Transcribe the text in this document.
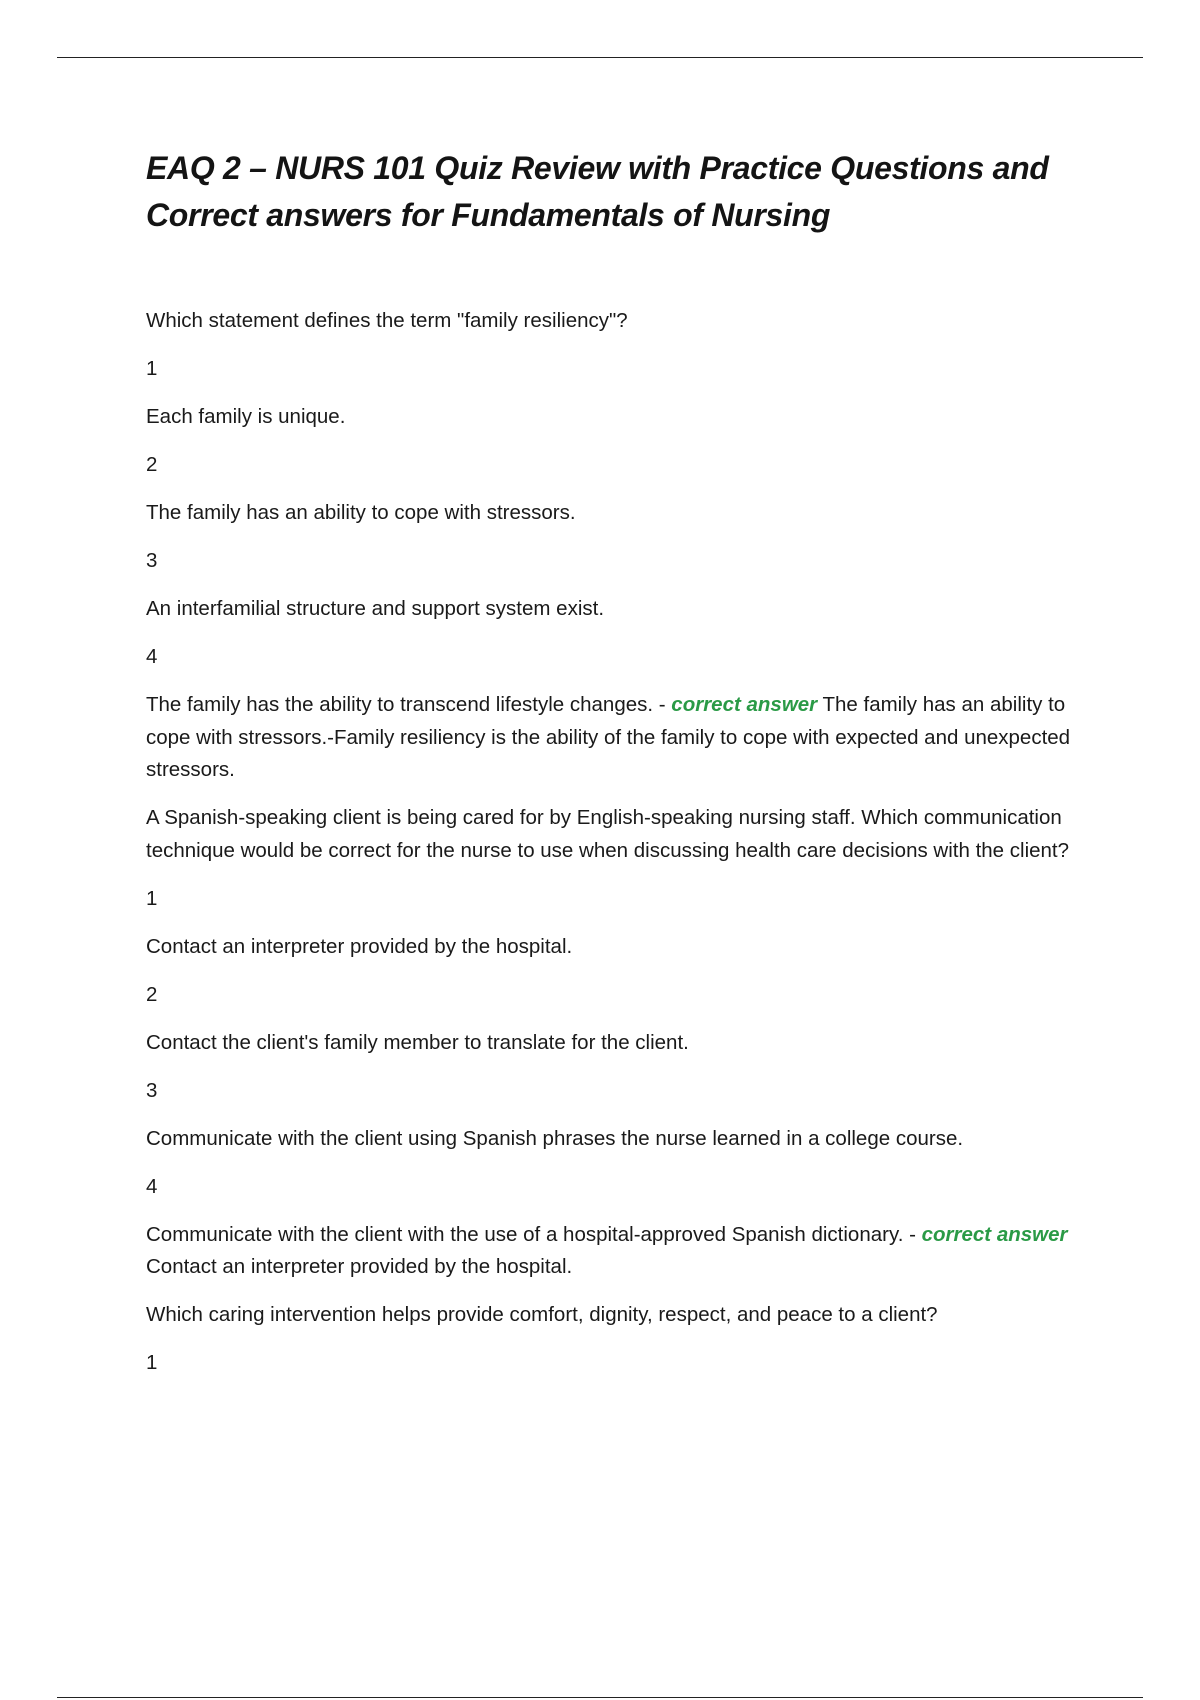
EAQ 2 – NURS 101 Quiz Review with Practice Questions and Correct answers for Fundamentals of Nursing

Which statement defines the term "family resiliency"?

1

Each family is unique.

2

The family has an ability to cope with stressors.

3

An interfamilial structure and support system exist.

4

The family has the ability to transcend lifestyle changes. - correct answer The family has an ability to cope with stressors.-Family resiliency is the ability of the family to cope with expected and unexpected stressors.

A Spanish-speaking client is being cared for by English-speaking nursing staff. Which communication technique would be correct for the nurse to use when discussing health care decisions with the client?

1

Contact an interpreter provided by the hospital.

2

Contact the client's family member to translate for the client.

3

Communicate with the client using Spanish phrases the nurse learned in a college course.

4

Communicate with the client with the use of a hospital-approved Spanish dictionary. - correct answer Contact an interpreter provided by the hospital.

Which caring intervention helps provide comfort, dignity, respect, and peace to a client?

1
